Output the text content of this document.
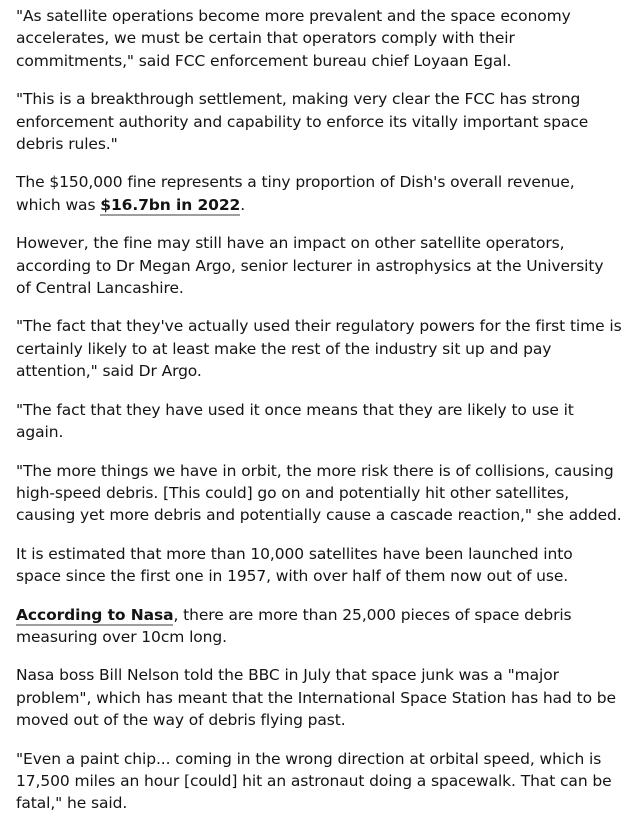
"As satellite operations become more prevalent and the space economy accelerates, we must be certain that operators comply with their commitments," said FCC enforcement bureau chief Loyaan Egal.

"This is a breakthrough settlement, making very clear the FCC has strong enforcement authority and capability to enforce its vitally important space debris rules."

The $150,000 fine represents a tiny proportion of Dish's overall revenue, which was $16.7bn in 2022.

However, the fine may still have an impact on other satellite operators, according to Dr Megan Argo, senior lecturer in astrophysics at the University of Central Lancashire.

"The fact that they've actually used their regulatory powers for the first time is certainly likely to at least make the rest of the industry sit up and pay attention," said Dr Argo.

"The fact that they have used it once means that they are likely to use it again.

"The more things we have in orbit, the more risk there is of collisions, causing high-speed debris. [This could] go on and potentially hit other satellites, causing yet more debris and potentially cause a cascade reaction," she added.

It is estimated that more than 10,000 satellites have been launched into space since the first one in 1957, with over half of them now out of use.

According to Nasa, there are more than 25,000 pieces of space debris measuring over 10cm long.

Nasa boss Bill Nelson told the BBC in July that space junk was a "major problem", which has meant that the International Space Station has had to be moved out of the way of debris flying past.

"Even a paint chip... coming in the wrong direction at orbital speed, which is 17,500 miles an hour [could] hit an astronaut doing a spacewalk. That can be fatal," he said.
